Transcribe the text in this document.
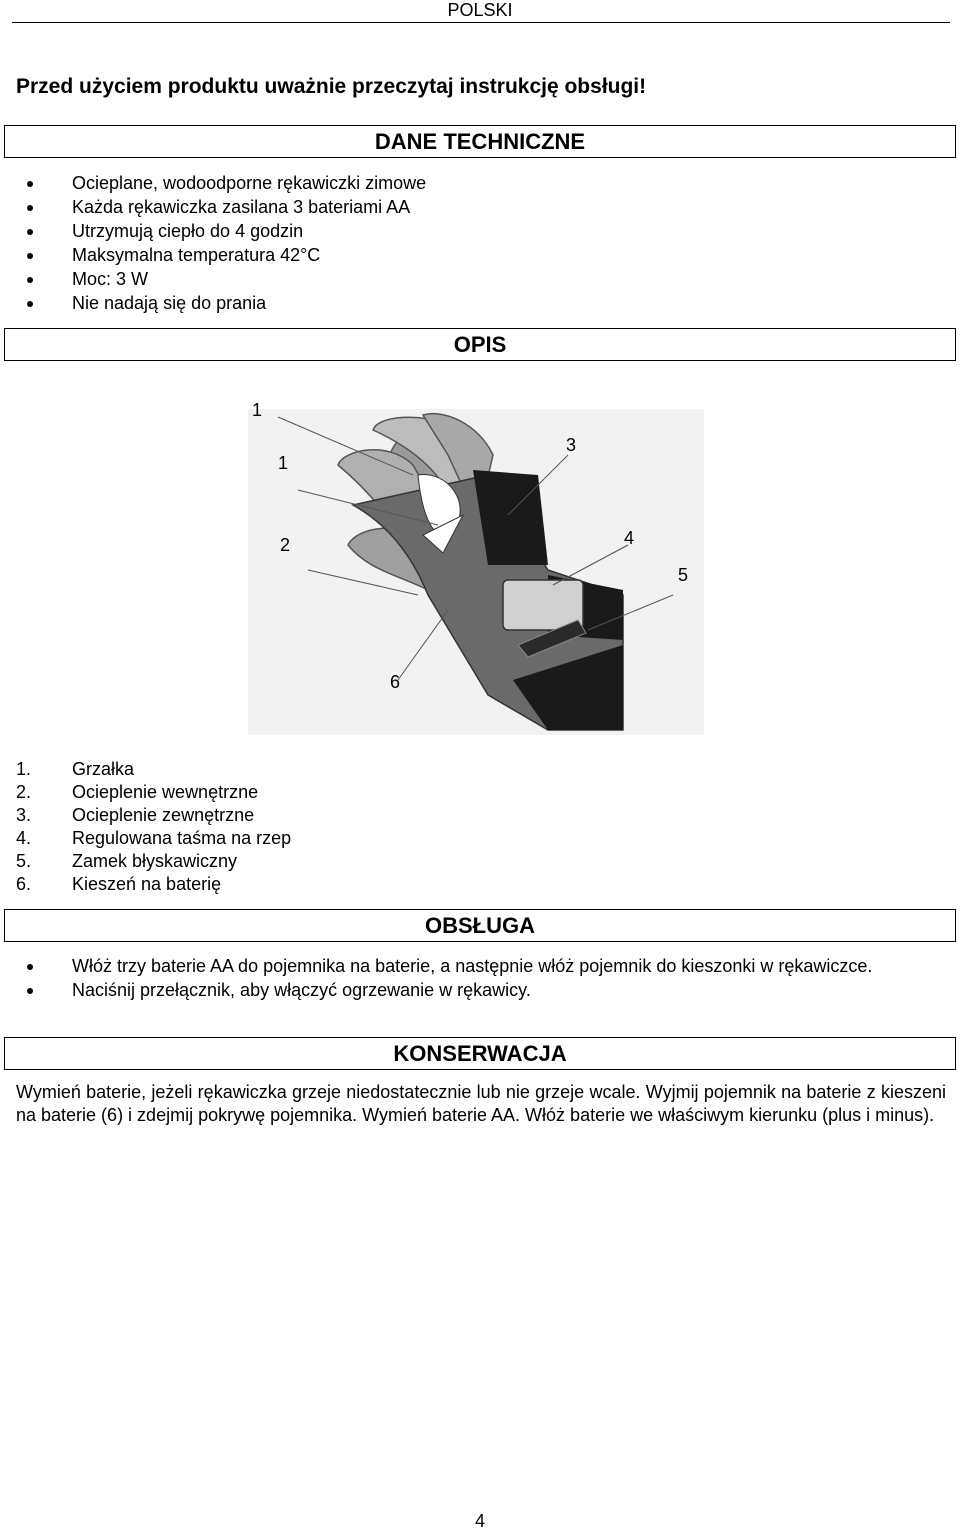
POLSKI
Przed użyciem produktu uważnie przeczytaj instrukcję obsługi!
DANE TECHNICZNE
Ocieplane, wodoodporne rękawiczki zimowe
Każda rękawiczka zasilana 3 bateriami AA
Utrzymują ciepło do 4 godzin
Maksymalna temperatura 42°C
Moc: 3 W
Nie nadają się do prania
OPIS
1
1
2
3
4
5
6
1. Grzałka
2. Ocieplenie wewnętrzne
3. Ocieplenie zewnętrzne
4. Regulowana taśma na rzep
5. Zamek błyskawiczny
6. Kieszeń na baterię
OBSŁUGA
Włóż trzy baterie AA do pojemnika na baterie, a następnie włóż pojemnik do kieszonki w rękawiczce.
Naciśnij przełącznik, aby włączyć ogrzewanie w rękawicy.
KONSERWACJA
Wymień baterie, jeżeli rękawiczka grzeje niedostatecznie lub nie grzeje wcale. Wyjmij pojemnik na baterie z kieszeni na baterie (6) i zdejmij pokrywę pojemnika. Wymień baterie AA. Włóż baterie we właściwym kierunku (plus i minus).
4
